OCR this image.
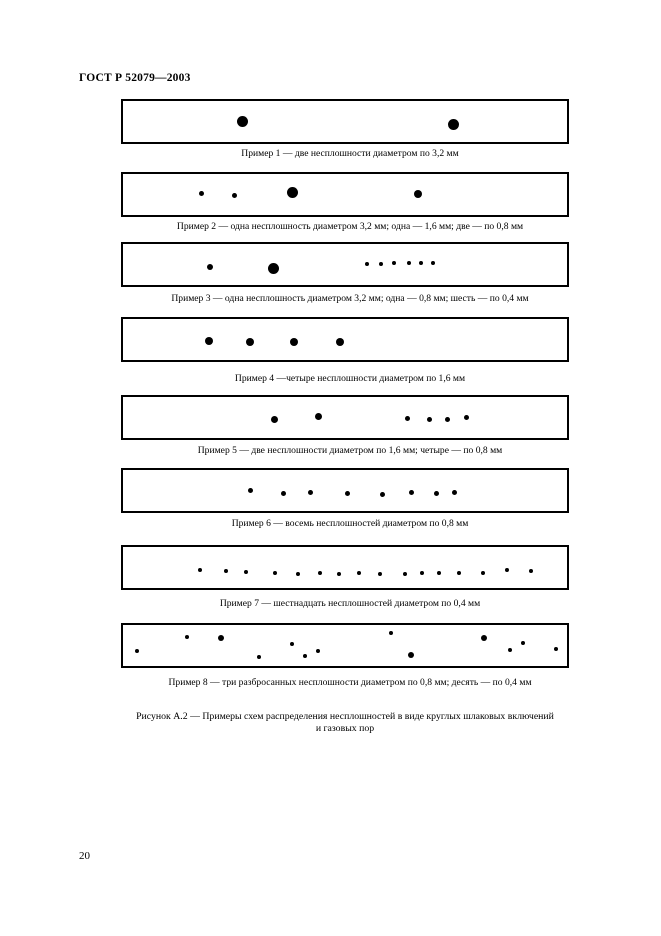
ГОСТ Р 52079—2003
Пример 1 — две несплошности диаметром по 3,2 мм
Пример 2 — одна несплошность диаметром 3,2 мм; одна — 1,6 мм; две — по 0,8 мм
Пример 3 — одна несплошность диаметром 3,2 мм; одна — 0,8 мм; шесть — по 0,4 мм
Пример 4 —четыре несплошности диаметром по 1,6 мм
Пример 5 — две несплошности диаметром по 1,6 мм; четыре — по 0,8 мм
Пример 6 — восемь несплошностей диаметром по 0,8 мм
Пример 7 — шестнадцать несплошностей диаметром по 0,4 мм
Пример 8 — три разбросанных несплошности диаметром по 0,8 мм; десять — по 0,4 мм
Рисунок А.2 — Примеры схем распределения несплошностей в виде круглых шлаковых включений
и газовых пор
20
